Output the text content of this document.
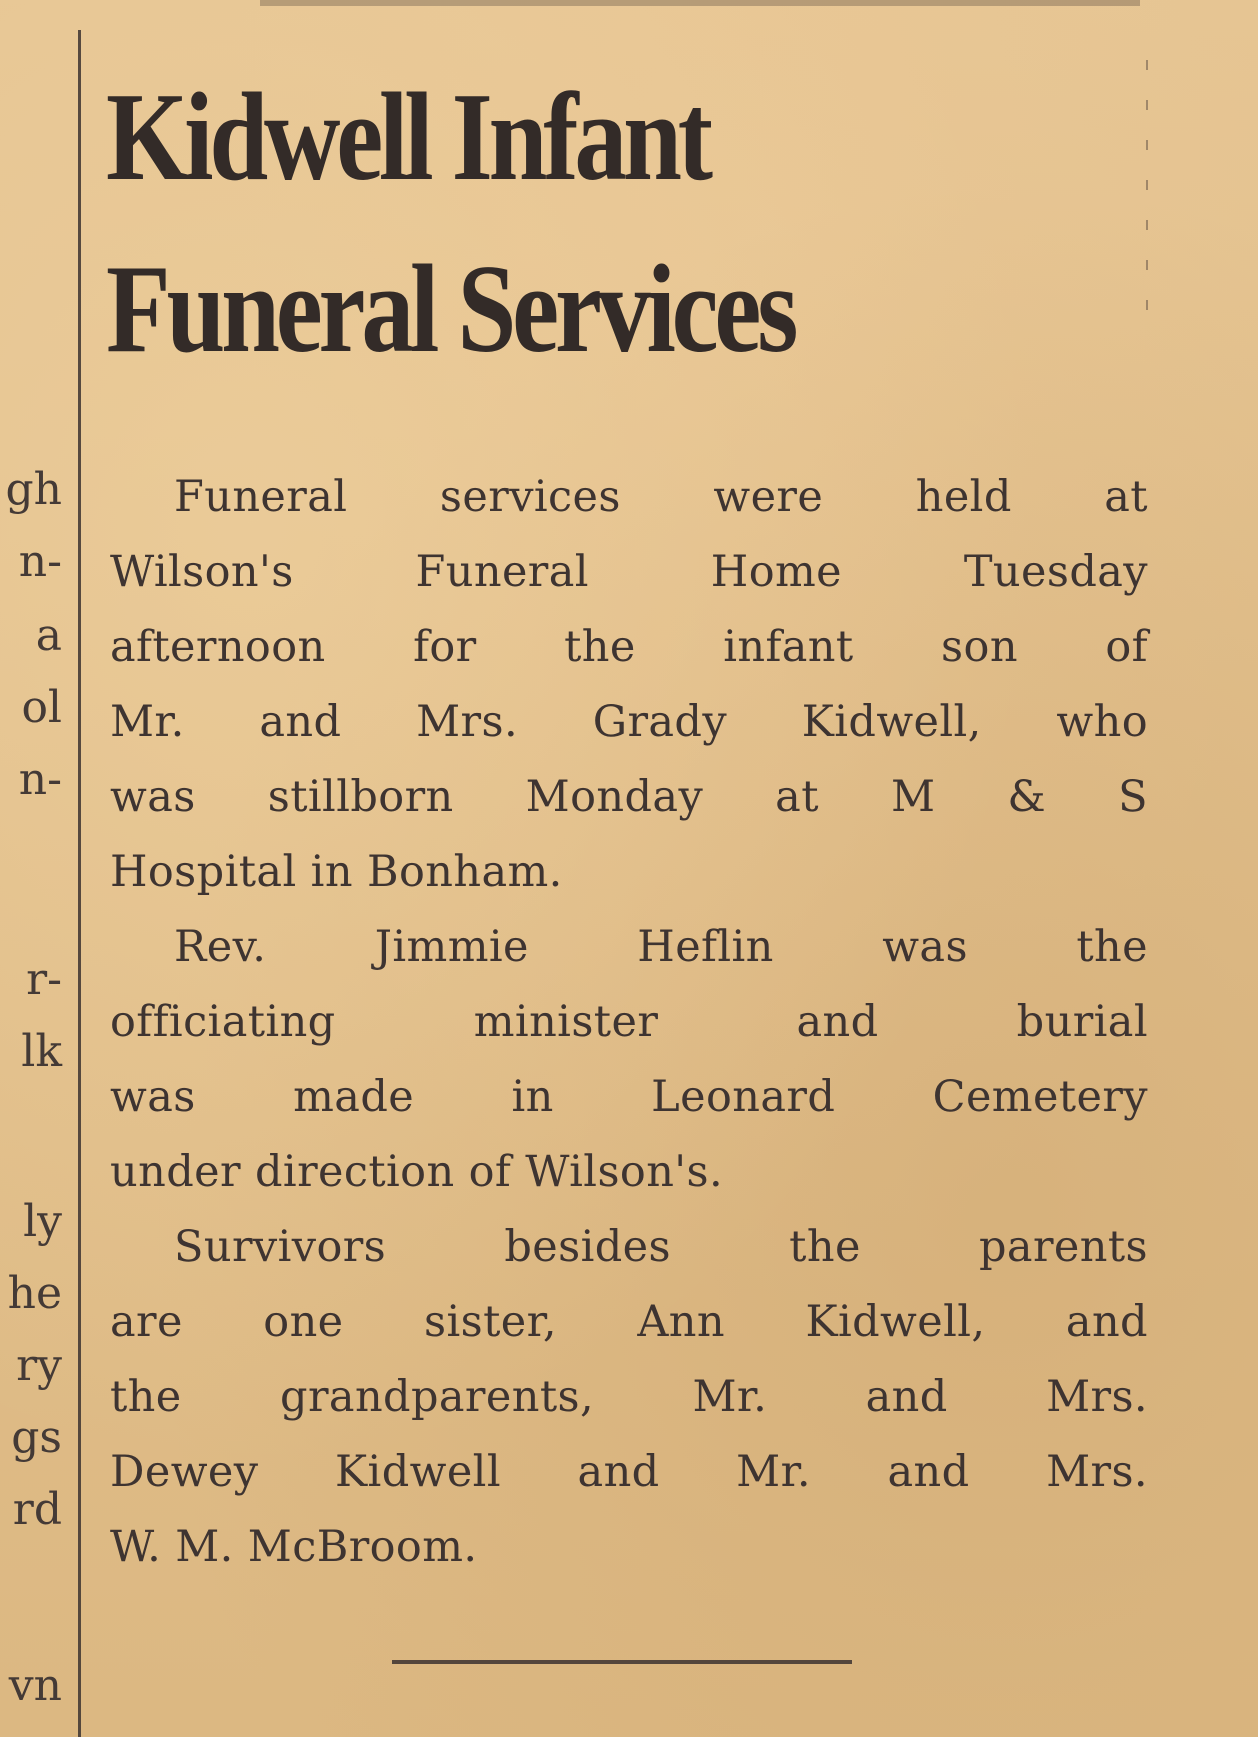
gh
n-
a
ol
n-
r-
lk
ly
he
ry
gs
rd
vn
Kidwell Infant
Funeral Services

Funeral services were held at
Wilson's Funeral Home Tuesday
afternoon for the infant son of
Mr. and Mrs. Grady Kidwell, who
was stillborn Monday at M & S
Hospital in Bonham.

Rev. Jimmie Heflin was the
officiating minister and burial
was made in Leonard Cemetery
under direction of Wilson's.

Survivors besides the parents
are one sister, Ann Kidwell, and
the grandparents, Mr. and Mrs.
Dewey Kidwell and Mr. and Mrs.
W. M. McBroom.
